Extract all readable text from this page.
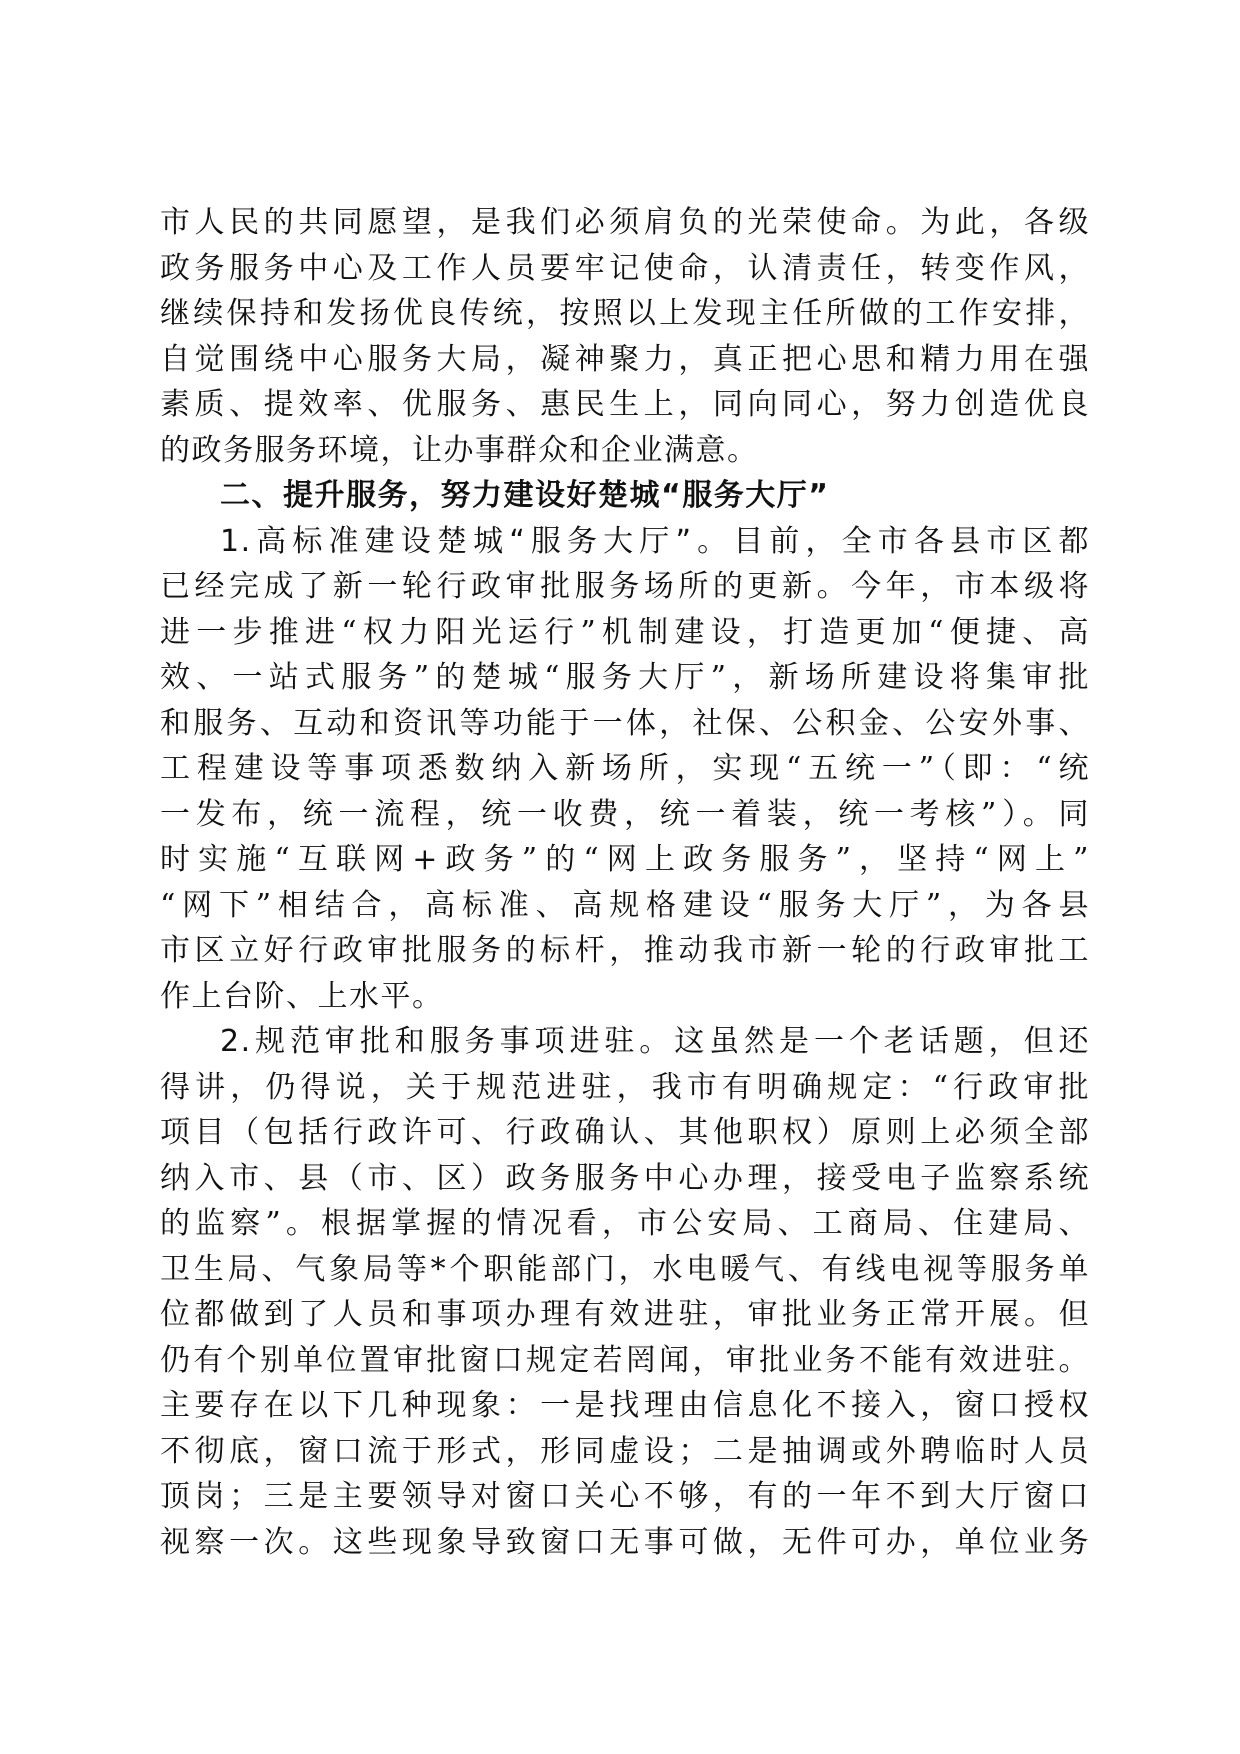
市人民的共同愿望，是我们必须肩负的光荣使命。为此，各级
政务服务中心及工作人员要牢记使命，认清责任，转变作风，
继续保持和发扬优良传统，按照以上发现主任所做的工作安排，
自觉围绕中心服务大局，凝神聚力，真正把心思和精力用在强
素质、提效率、优服务、惠民生上，同向同心，努力创造优良
的政务服务环境，让办事群众和企业满意。
二、提升服务，努力建设好楚城“服务大厅”
1.高标准建设楚城“服务大厅”。目前，全市各县市区都
已经完成了新一轮行政审批服务场所的更新。今年，市本级将
进一步推进“权力阳光运行”机制建设，打造更加“便捷、高
效、一站式服务”的楚城“服务大厅”，新场所建设将集审批
和服务、互动和资讯等功能于一体，社保、公积金、公安外事、
工程建设等事项悉数纳入新场所，实现“五统一”（即：“统
一发布，统一流程，统一收费，统一着装，统一考核”）。同
时实施“互联网+政务”的“网上政务服务”，坚持“网上”
“网下”相结合，高标准、高规格建设“服务大厅”，为各县
市区立好行政审批服务的标杆，推动我市新一轮的行政审批工
作上台阶、上水平。
2.规范审批和服务事项进驻。这虽然是一个老话题，但还
得讲，仍得说，关于规范进驻，我市有明确规定：“行政审批
项目（包括行政许可、行政确认、其他职权）原则上必须全部
纳入市、县（市、区）政务服务中心办理，接受电子监察系统
的监察”。根据掌握的情况看，市公安局、工商局、住建局、
卫生局、气象局等*个职能部门，水电暖气、有线电视等服务单
位都做到了人员和事项办理有效进驻，审批业务正常开展。但
仍有个别单位置审批窗口规定若罔闻，审批业务不能有效进驻。
主要存在以下几种现象：一是找理由信息化不接入，窗口授权
不彻底，窗口流于形式，形同虚设；二是抽调或外聘临时人员
顶岗；三是主要领导对窗口关心不够，有的一年不到大厅窗口
视察一次。这些现象导致窗口无事可做，无件可办，单位业务
